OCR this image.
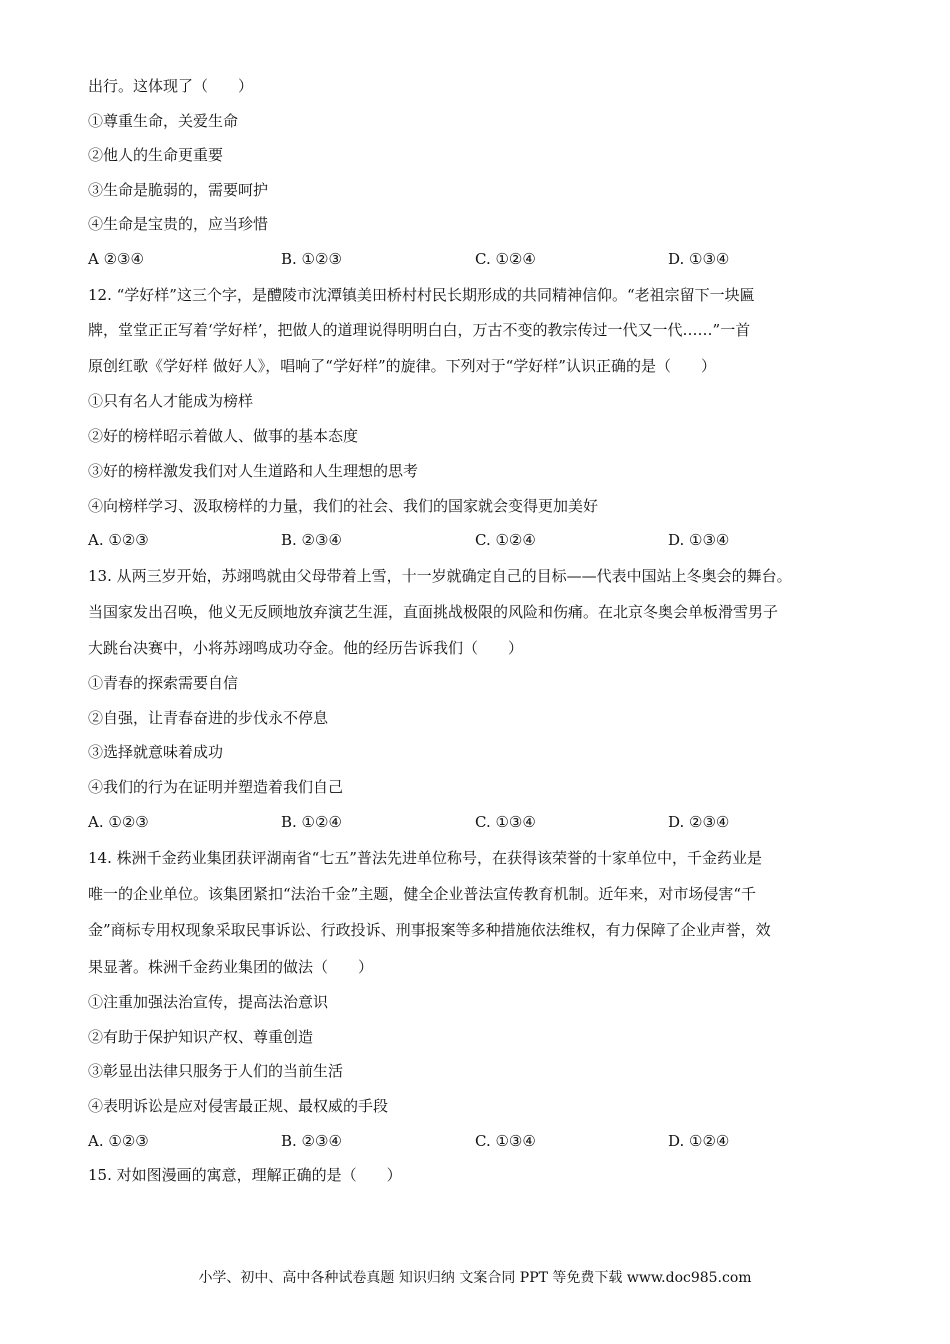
出行。这体现了（　　）
①尊重生命，关爱生命
②他人的生命更重要
③生命是脆弱的，需要呵护
④生命是宝贵的，应当珍惜
A ②③④	B. ①②③	C. ①②④	D. ①③④
12. “学好样”这三个字，是醴陵市沈潭镇美田桥村村民长期形成的共同精神信仰。“老祖宗留下一块匾
牌，堂堂正正写着‘学好样’，把做人的道理说得明明白白，万古不变的教宗传过一代又一代……”一首
原创红歌《学好样 做好人》，唱响了“学好样”的旋律。下列对于“学好样”认识正确的是（　　）
①只有名人才能成为榜样
②好的榜样昭示着做人、做事的基本态度
③好的榜样激发我们对人生道路和人生理想的思考
④向榜样学习、汲取榜样的力量，我们的社会、我们的国家就会变得更加美好
A. ①②③	B. ②③④	C. ①②④	D. ①③④
13. 从两三岁开始，苏翊鸣就由父母带着上雪，十一岁就确定自己的目标——代表中国站上冬奥会的舞台。
当国家发出召唤，他义无反顾地放弃演艺生涯，直面挑战极限的风险和伤痛。在北京冬奥会单板滑雪男子
大跳台决赛中，小将苏翊鸣成功夺金。他的经历告诉我们（　　）
①青春的探索需要自信
②自强，让青春奋进的步伐永不停息
③选择就意味着成功
④我们的行为在证明并塑造着我们自己
A. ①②③	B. ①②④	C. ①③④	D. ②③④
14. 株洲千金药业集团获评湖南省“七五”普法先进单位称号，在获得该荣誉的十家单位中，千金药业是
唯一的企业单位。该集团紧扣“法治千金”主题，健全企业普法宣传教育机制。近年来，对市场侵害“千
金”商标专用权现象采取民事诉讼、行政投诉、刑事报案等多种措施依法维权，有力保障了企业声誉，效
果显著。株洲千金药业集团的做法（　　）
①注重加强法治宣传，提高法治意识
②有助于保护知识产权、尊重创造
③彰显出法律只服务于人们的当前生活
④表明诉讼是应对侵害最正规、最权威的手段
A. ①②③	B. ②③④	C. ①③④	D. ①②④
15. 对如图漫画的寓意，理解正确的是（　　）
小学、初中、高中各种试卷真题 知识归纳 文案合同 PPT 等免费下载 www.doc985.com
